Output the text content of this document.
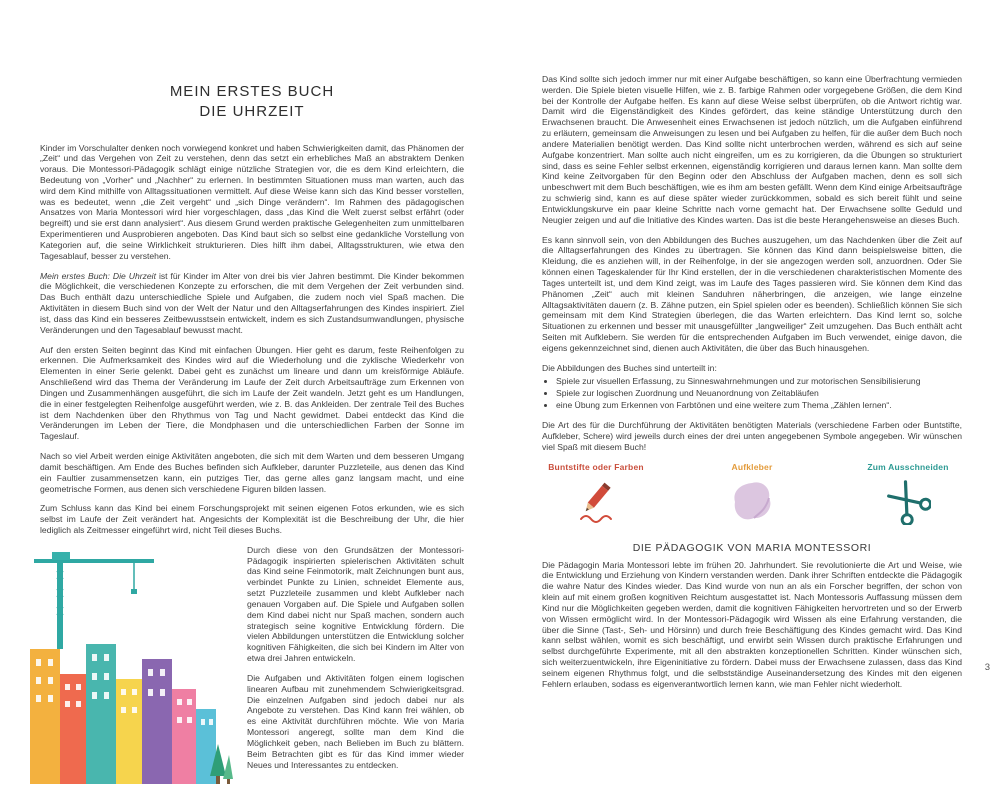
MEIN ERSTES BUCH
DIE UHRZEIT

Kinder im Vorschulalter denken noch vorwiegend konkret und haben Schwierigkeiten damit, das Phänomen der „Zeit“ und das Vergehen von Zeit zu verstehen, denn das setzt ein erhebliches Maß an abstraktem Denken voraus. Die Montessori-Pädagogik schlägt einige nützliche Strategien vor, die es dem Kind erleichtern, die Bedeutung von „Vorher“ und „Nachher“ zu erlernen. In bestimmten Situationen muss man warten, auch das wird dem Kind mithilfe von Alltagssituationen vermittelt. Auf diese Weise kann sich das Kind besser vorstellen, was es bedeutet, wenn „die Zeit vergeht“ und „sich Dinge verändern“. Im Rahmen des pädagogischen Ansatzes von Maria Montessori wird hier vorgeschlagen, dass „das Kind die Welt zuerst selbst erfährt (oder begreift) und sie erst dann analysiert“. Aus diesem Grund werden praktische Gelegenheiten zum unmittelbaren Experimentieren und Ausprobieren angeboten. Das Kind baut sich so selbst eine gedankliche Vorstellung von Kategorien auf, die seine Wirklichkeit strukturieren. Dies hilft ihm dabei, Alltagsstrukturen, wie etwa den Tagesablauf, besser zu verstehen.

Mein erstes Buch: Die Uhrzeit ist für Kinder im Alter von drei bis vier Jahren bestimmt. Die Kinder bekommen die Möglichkeit, die verschiedenen Konzepte zu erforschen, die mit dem Vergehen der Zeit verbunden sind. Das Buch enthält dazu unterschiedliche Spiele und Aufgaben, die zudem noch viel Spaß machen. Die Aktivitäten in diesem Buch sind von der Welt der Natur und den Alltagserfahrungen des Kindes inspiriert. Ziel ist, dass das Kind ein besseres Zeitbewusstsein entwickelt, indem es sich Zustandsumwandlungen, physische Veränderungen und den Tagesablauf bewusst macht.

Auf den ersten Seiten beginnt das Kind mit einfachen Übungen. Hier geht es darum, feste Reihenfolgen zu erkennen. Die Aufmerksamkeit des Kindes wird auf die Wiederholung und die zyklische Wiederkehr von Elementen in einer Serie gelenkt. Dabei geht es zunächst um lineare und dann um kreisförmige Abläufe. Anschließend wird das Thema der Veränderung im Laufe der Zeit durch Arbeitsaufträge zum Erkennen von Dingen und Zusammenhängen ausgeführt, die sich im Laufe der Zeit wandeln. Jetzt geht es um Handlungen, die in einer festgelegten Reihenfolge ausgeführt werden, wie z. B. das Ankleiden. Der zentrale Teil des Buches ist dem Nachdenken über den Rhythmus von Tag und Nacht gewidmet. Dabei entdeckt das Kind die Veränderungen im Leben der Tiere, die Mondphasen und die unterschiedlichen Farben der Sonne im Tageslauf.

Nach so viel Arbeit werden einige Aktivitäten angeboten, die sich mit dem Warten und dem besseren Umgang damit beschäftigen. Am Ende des Buches befinden sich Aufkleber, darunter Puzzleteile, aus denen das Kind ein Faultier zusammensetzen kann, ein putziges Tier, das gerne alles ganz langsam macht, und eine geometrische Formen, aus denen sich verschiedene Figuren bilden lassen.

Zum Schluss kann das Kind bei einem Forschungsprojekt mit seinen eigenen Fotos erkunden, wie es sich selbst im Laufe der Zeit verändert hat. Angesichts der Komplexität ist die Beschreibung der Uhr, die hier lediglich als Zeitmesser eingeführt wird, nicht Teil dieses Buchs.

Durch diese von den Grundsätzen der Montessori-Pädagogik inspirierten spielerischen Aktivitäten schult das Kind seine Feinmotorik, malt Zeichnungen bunt aus, verbindet Punkte zu Linien, schneidet Elemente aus, setzt Puzzleteile zusammen und klebt Aufkleber nach genauen Vorgaben auf. Die Spiele und Aufgaben sollen dem Kind dabei nicht nur Spaß machen, sondern auch strategisch seine kognitive Entwicklung fördern. Die vielen Abbildungen unterstützen die Entwicklung solcher kognitiven Fähigkeiten, die sich bei Kindern im Alter von etwa drei Jahren entwickeln.

Die Aufgaben und Aktivitäten folgen einem logischen linearen Aufbau mit zunehmendem Schwierigkeitsgrad. Die einzelnen Aufgaben sind jedoch dabei nur als Angebote zu verstehen. Das Kind kann frei wählen, ob es eine Aktivität durchführen möchte. Wie von Maria Montessori angeregt, sollte man dem Kind die Möglichkeit geben, nach Belieben im Buch zu blättern. Beim Betrachten gibt es für das Kind immer wieder Neues und Interessantes zu entdecken.

Das Kind sollte sich jedoch immer nur mit einer Aufgabe beschäftigen, so kann eine Überfrachtung vermieden werden. Die Spiele bieten visuelle Hilfen, wie z. B. farbige Rahmen oder vorgegebene Größen, die dem Kind bei der Kontrolle der Aufgabe helfen. Es kann auf diese Weise selbst überprüfen, ob die Antwort richtig war. Damit wird die Eigenständigkeit des Kindes gefördert, das keine ständige Unterstützung durch den Erwachsenen braucht. Die Anwesenheit eines Erwachsenen ist jedoch nützlich, um die Aufgaben einführend zu erläutern, gemeinsam die Anweisungen zu lesen und bei Aufgaben zu helfen, für die außer dem Buch noch andere Materialien benötigt werden. Das Kind sollte nicht unterbrochen werden, während es sich auf seine Aufgabe konzentriert. Man sollte auch nicht eingreifen, um es zu korrigieren, da die Übungen so strukturiert sind, dass es seine Fehler selbst erkennen, eigenständig korrigieren und daraus lernen kann. Man sollte dem Kind keine Zeitvorgaben für den Beginn oder den Abschluss der Aufgaben machen, denn es soll sich unbeschwert mit dem Buch beschäftigen, wie es ihm am besten gefällt. Wenn dem Kind einige Arbeitsaufträge zu schwierig sind, kann es auf diese später wieder zurückkommen, sobald es sich bereit fühlt und seine Entwicklungskurve ein paar kleine Schritte nach vorne gemacht hat. Der Erwachsene sollte Geduld und Neugier zeigen und auf die Initiative des Kindes warten. Das ist die beste Herangehensweise an dieses Buch.

Es kann sinnvoll sein, von den Abbildungen des Buches auszugehen, um das Nachdenken über die Zeit auf die Alltagserfahrungen des Kindes zu übertragen. Sie können das Kind dann beispielsweise bitten, die Kleidung, die es anziehen will, in der Reihenfolge, in der sie angezogen werden soll, anzuordnen. Oder Sie können einen Tageskalender für Ihr Kind erstellen, der in die verschiedenen charakteristischen Momente des Tages unterteilt ist, und dem Kind zeigt, was im Laufe des Tages passieren wird. Sie können dem Kind das Phänomen „Zeit“ auch mit kleinen Sanduhren näherbringen, die anzeigen, wie lange einzelne Alltagsaktivitäten dauern (z. B. Zähne putzen, ein Spiel spielen oder es beenden). Schließlich können Sie sich gemeinsam mit dem Kind Strategien überlegen, die das Warten erleichtern. Das Kind lernt so, solche Situationen zu erkennen und besser mit unausgefüllter „langweiliger“ Zeit umzugehen. Das Buch enthält acht Seiten mit Aufklebern. Sie werden für die entsprechenden Aufgaben im Buch verwendet, einige davon, die eigens gekennzeichnet sind, dienen auch Aktivitäten, die über das Buch hinausgehen.

Die Abbildungen des Buches sind unterteilt in:

• Spiele zur visuellen Erfassung, zu Sinneswahrnehmungen und zur motorischen Sensibilisierung
• Spiele zur logischen Zuordnung und Neuanordnung von Zeitabläufen
• eine Übung zum Erkennen von Farbtönen und eine weitere zum Thema „Zählen lernen“.

Die Art des für die Durchführung der Aktivitäten benötigten Materials (verschiedene Farben oder Buntstifte, Aufkleber, Schere) wird jeweils durch eines der drei unten angegebenen Symbole angegeben. Wir wünschen viel Spaß mit diesem Buch!

Buntstifte oder Farben	Aufkleber	Zum Ausschneiden
DIE PÄDAGOGIK VON MARIA MONTESSORI

Die Pädagogin Maria Montessori lebte im frühen 20. Jahrhundert. Sie revolutionierte die Art und Weise, wie die Entwicklung und Erziehung von Kindern verstanden werden. Dank ihrer Schriften entdeckte die Pädagogik die wahre Natur des Kindes wieder. Das Kind wurde von nun an als ein Forscher begriffen, der schon von klein auf mit einem großen kognitiven Reichtum ausgestattet ist. Nach Montessoris Auffassung müssen dem Kind nur die Möglichkeiten gegeben werden, damit die kognitiven Fähigkeiten hervortreten und so der Erwerb von Wissen ermöglicht wird. In der Montessori-Pädagogik wird Wissen als eine Erfahrung verstanden, die über die Sinne (Tast-, Seh- und Hörsinn) und durch freie Beschäftigung des Kindes gemacht wird. Das Kind kann selbst wählen, womit es sich beschäftigt, und erwirbt sein Wissen durch praktische Erfahrungen und selbst durchgeführte Experimente, mit all den abstrakten konzeptionellen Schritten. Kinder wünschen sich, sich weiterzuentwickeln, ihre Eigeninitiative zu fördern. Dabei muss der Erwachsene zulassen, dass das Kind seinem eigenen Rhythmus folgt, und die selbstständige Auseinandersetzung des Kindes mit den eigenen Fehlern erlauben, sodass es eigenverantwortlich lernen kann, wie man Fehler nicht wiederholt.

3
